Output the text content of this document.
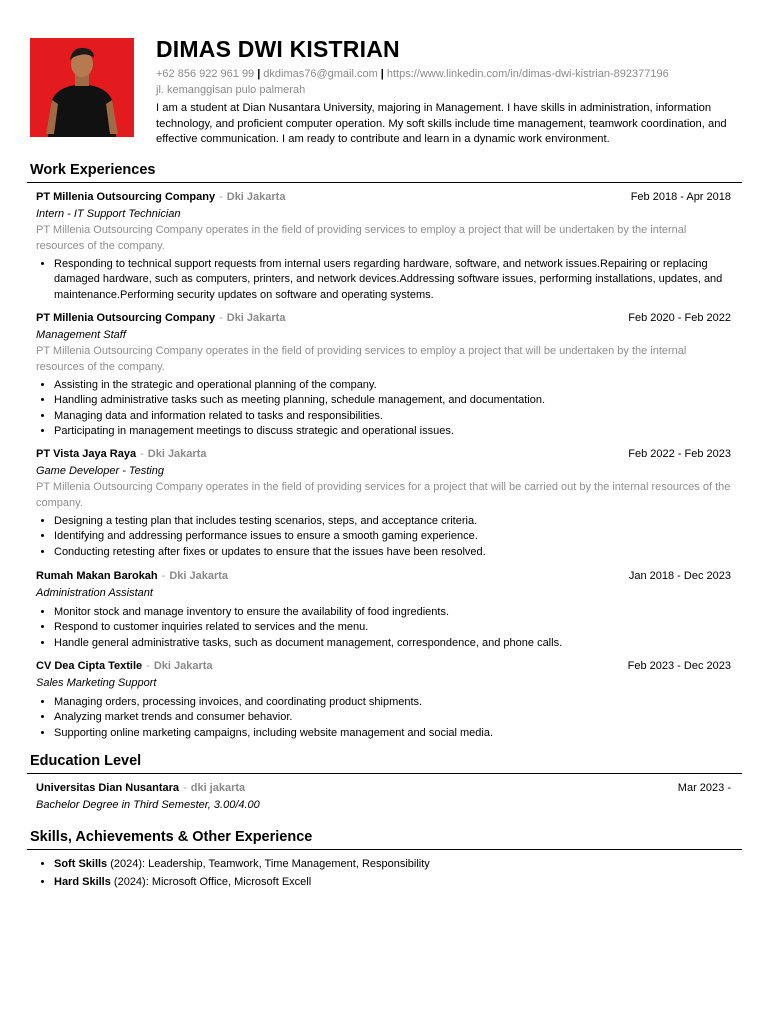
DIMAS DWI KISTRIAN
+62 856 922 961 99 | dkdimas76@gmail.com | https://www.linkedin.com/in/dimas-dwi-kistrian-892377196
jl. kemanggisan pulo palmerah
I am a student at Dian Nusantara University, majoring in Management. I have skills in administration, information technology, and proficient computer operation. My soft skills include time management, teamwork coordination, and effective communication. I am ready to contribute and learn in a dynamic work environment.
Work Experiences
PT Millenia Outsourcing Company - Dki Jakarta	Feb 2018 - Apr 2018
Intern - IT Support Technician
PT Millenia Outsourcing Company operates in the field of providing services to employ a project that will be undertaken by the internal resources of the company.
• Responding to technical support requests from internal users regarding hardware, software, and network issues.Repairing or replacing damaged hardware, such as computers, printers, and network devices.Addressing software issues, performing installations, updates, and maintenance.Performing security updates on software and operating systems.
PT Millenia Outsourcing Company - Dki Jakarta	Feb 2020 - Feb 2022
Management Staff
PT Millenia Outsourcing Company operates in the field of providing services to employ a project that will be undertaken by the internal resources of the company.
• Assisting in the strategic and operational planning of the company.
• Handling administrative tasks such as meeting planning, schedule management, and documentation.
• Managing data and information related to tasks and responsibilities.
• Participating in management meetings to discuss strategic and operational issues.
PT Vista Jaya Raya - Dki Jakarta	Feb 2022 - Feb 2023
Game Developer - Testing
PT Millenia Outsourcing Company operates in the field of providing services for a project that will be carried out by the internal resources of the company.
• Designing a testing plan that includes testing scenarios, steps, and acceptance criteria.
• Identifying and addressing performance issues to ensure a smooth gaming experience.
• Conducting retesting after fixes or updates to ensure that the issues have been resolved.
Rumah Makan Barokah - Dki Jakarta	Jan 2018 - Dec 2023
Administration Assistant
• Monitor stock and manage inventory to ensure the availability of food ingredients.
• Respond to customer inquiries related to services and the menu.
• Handle general administrative tasks, such as document management, correspondence, and phone calls.
CV Dea Cipta Textile - Dki Jakarta	Feb 2023 - Dec 2023
Sales Marketing Support
• Managing orders, processing invoices, and coordinating product shipments.
• Analyzing market trends and consumer behavior.
• Supporting online marketing campaigns, including website management and social media.
Education Level
Universitas Dian Nusantara - dki jakarta	Mar 2023 -
Bachelor Degree in Third Semester, 3.00/4.00
Skills, Achievements & Other Experience
• Soft Skills (2024): Leadership, Teamwork, Time Management, Responsibility
• Hard Skills (2024): Microsoft Office, Microsoft Excell
